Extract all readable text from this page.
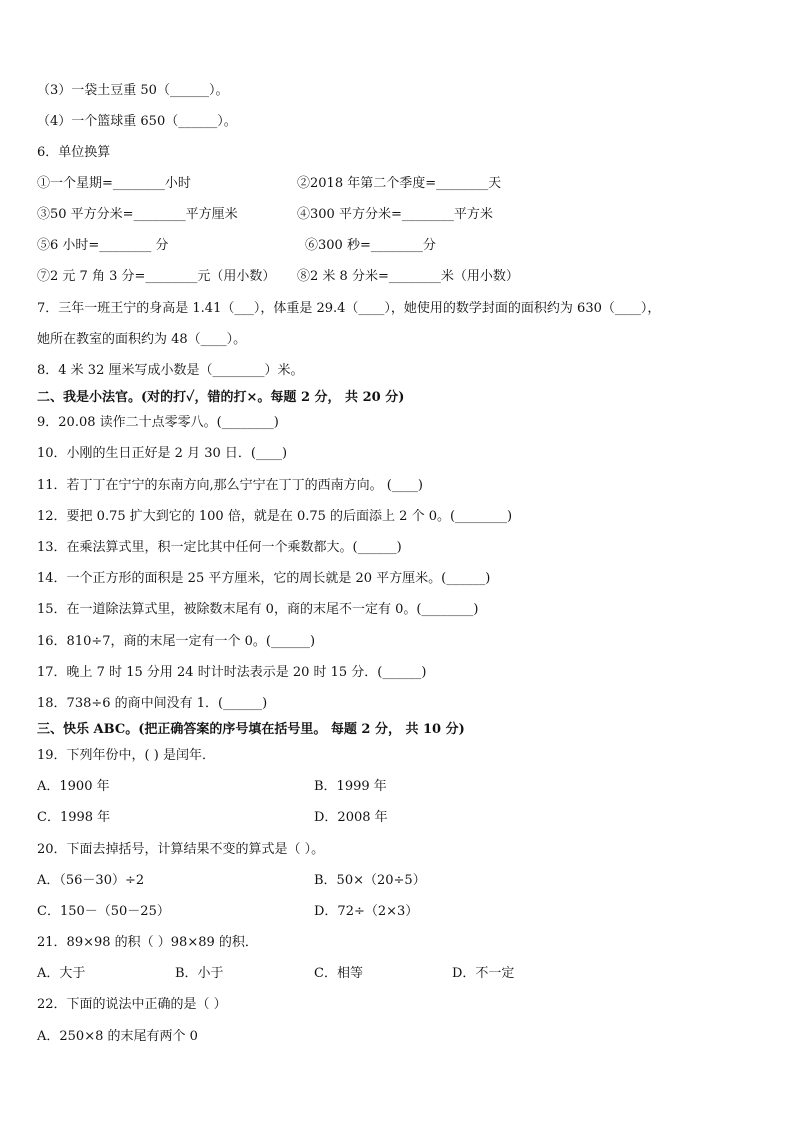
（3）一袋土豆重 50（______）。
（4）一个篮球重 650（______）。
6．单位换算
①一个星期=________小时	②2018 年第二个季度=________天
③50 平方分米=________平方厘米	④300 平方分米=________平方米
⑤6 小时=________ 分	⑥300 秒=________分
⑦2 元 7 角 3 分=________元（用小数） ⑧2 米 8 分米=________米（用小数）
7．三年一班王宁的身高是 1.41（___），体重是 29.4（____），她使用的数学封面的面积约为 630（____），
她所在教室的面积约为 48（____）。
8．4 米 32 厘米写成小数是（________）米。
二、我是小法官。(对的打✓，错的打×。每题 2 分， 共 20 分)
9．20.08 读作二十点零零八。(________)
10．小刚的生日正好是 2 月 30 日．(____)
11．若丁丁在宁宁的东南方向,那么宁宁在丁丁的西南方向。 (____)
12．要把 0.75 扩大到它的 100 倍，就是在 0.75 的后面添上 2 个 0。(________)
13．在乘法算式里，积一定比其中任何一个乘数都大。(______)
14．一个正方形的面积是 25 平方厘米，它的周长就是 20 平方厘米。(______)
15．在一道除法算式里，被除数末尾有 0，商的末尾不一定有 0。(________)
16．810÷7，商的末尾一定有一个 0。(______)
17．晚上 7 时 15 分用 24 时计时法表示是 20 时 15 分．(______)
18．738÷6 的商中间没有 1．(______)
三、快乐 ABC。(把正确答案的序号填在括号里。 每题 2 分， 共 10 分)
19．下列年份中，( ) 是闰年．
A．1900 年	B．1999 年
C．1998 年	D．2008 年
20．下面去掉括号，计算结果不变的算式是（ ）。
A．（56－30）÷2	B．50×（20÷5）
C．150－（50－25）	D．72÷（2×3）
21．89×98 的积（ ）98×89 的积．
A．大于	B．小于	C．相等	D．不一定
22．下面的说法中正确的是（ ）
A．250×8 的末尾有两个 0
